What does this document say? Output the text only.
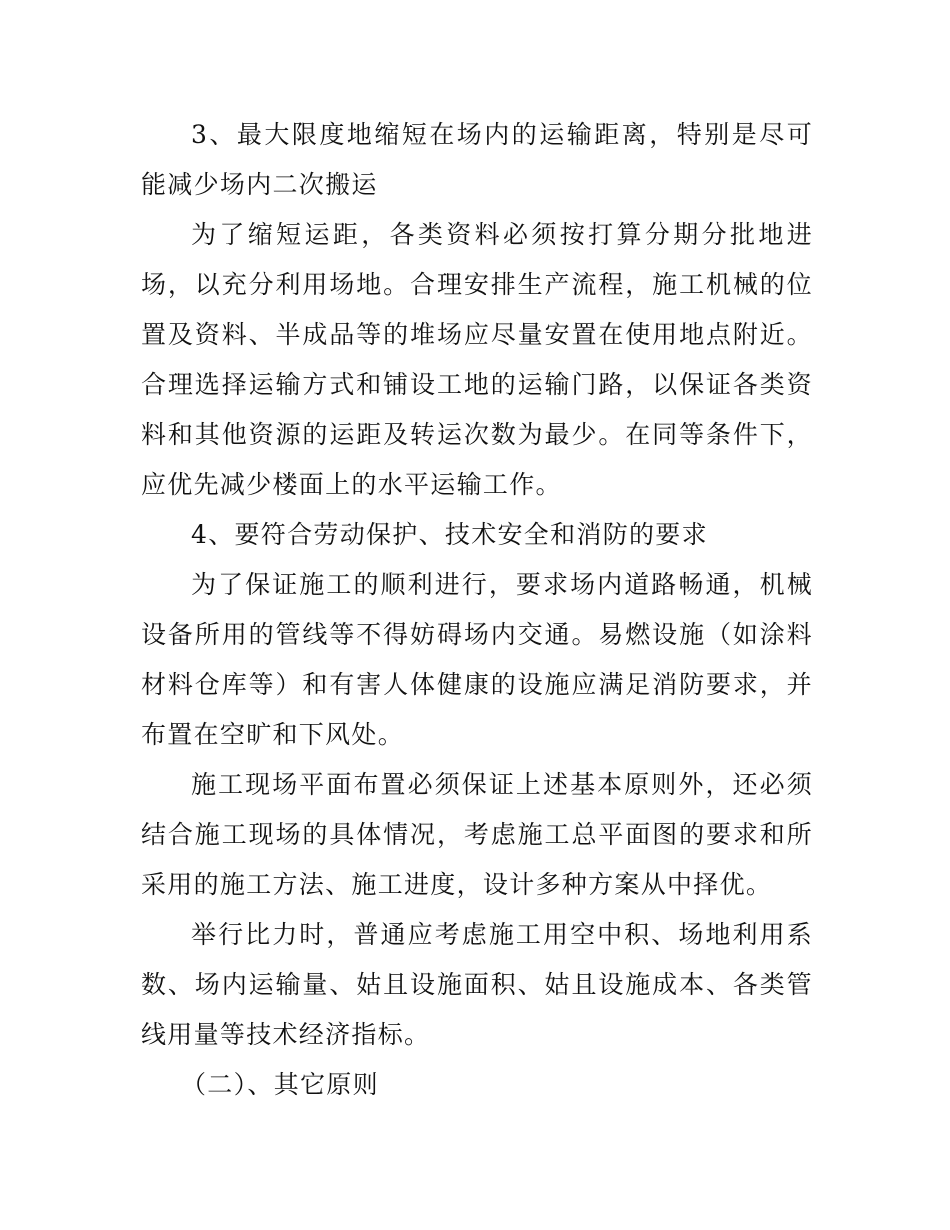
3、最大限度地缩短在场内的运输距离，特别是尽可能减少场内二次搬运

为了缩短运距，各类资料必须按打算分期分批地进场，以充分利用场地。合理安排生产流程，施工机械的位置及资料、半成品等的堆场应尽量安置在使用地点附近。合理选择运输方式和铺设工地的运输门路，以保证各类资料和其他资源的运距及转运次数为最少。在同等条件下，应优先减少楼面上的水平运输工作。

4、要符合劳动保护、技术安全和消防的要求

为了保证施工的顺利进行，要求场内道路畅通，机械设备所用的管线等不得妨碍场内交通。易燃设施（如涂料材料仓库等）和有害人体健康的设施应满足消防要求，并布置在空旷和下风处。

施工现场平面布置必须保证上述基本原则外，还必须结合施工现场的具体情况，考虑施工总平面图的要求和所采用的施工方法、施工进度，设计多种方案从中择优。

举行比力时，普通应考虑施工用空中积、场地利用系数、场内运输量、姑且设施面积、姑且设施成本、各类管线用量等技术经济指标。

（二）、其它原则
